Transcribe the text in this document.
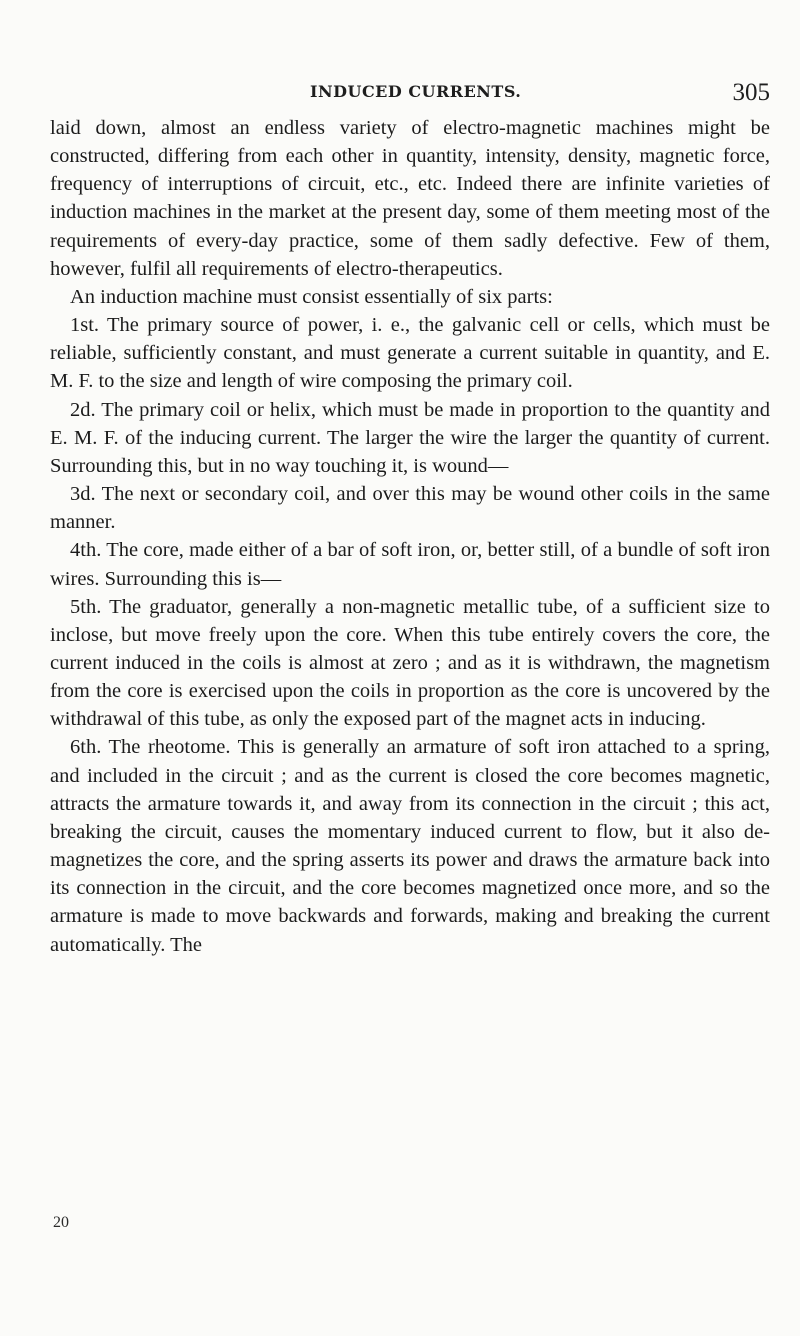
INDUCED CURRENTS.	305

laid down, almost an endless variety of electro-magnetic machines might be constructed, differing from each other in quantity, intensity, density, magnetic force, frequency of interruptions of circuit, etc., etc. Indeed there are infinite varieties of induction machines in the market at the present day, some of them meeting most of the requirements of every-day practice, some of them sadly defective. Few of them, however, fulfil all requirements of electro-therapeutics.

An induction machine must consist essentially of six parts:

1st. The primary source of power, i. e., the galvanic cell or cells, which must be reliable, sufficiently constant, and must generate a current suitable in quantity, and E. M. F. to the size and length of wire composing the primary coil.

2d. The primary coil or helix, which must be made in proportion to the quantity and E. M. F. of the inducing current. The larger the wire the larger the quantity of current. Surrounding this, but in no way touching it, is wound—

3d. The next or secondary coil, and over this may be wound other coils in the same manner.

4th. The core, made either of a bar of soft iron, or, better still, of a bundle of soft iron wires. Surrounding this is—

5th. The graduator, generally a non-magnetic metallic tube, of a sufficient size to inclose, but move freely upon the core. When this tube entirely covers the core, the current induced in the coils is almost at zero ; and as it is withdrawn, the magnetism from the core is exercised upon the coils in proportion as the core is uncovered by the withdrawal of this tube, as only the exposed part of the magnet acts in inducing.

6th. The rheotome. This is generally an armature of soft iron attached to a spring, and included in the circuit ; and as the current is closed the core becomes magnetic, attracts the armature towards it, and away from its connection in the circuit ; this act, breaking the circuit, causes the momentary induced current to flow, but it also de-magnetizes the core, and the spring asserts its power and draws the armature back into its connection in the circuit, and the core becomes magnetized once more, and so the armature is made to move backwards and forwards, making and breaking the current automatically. The

20
